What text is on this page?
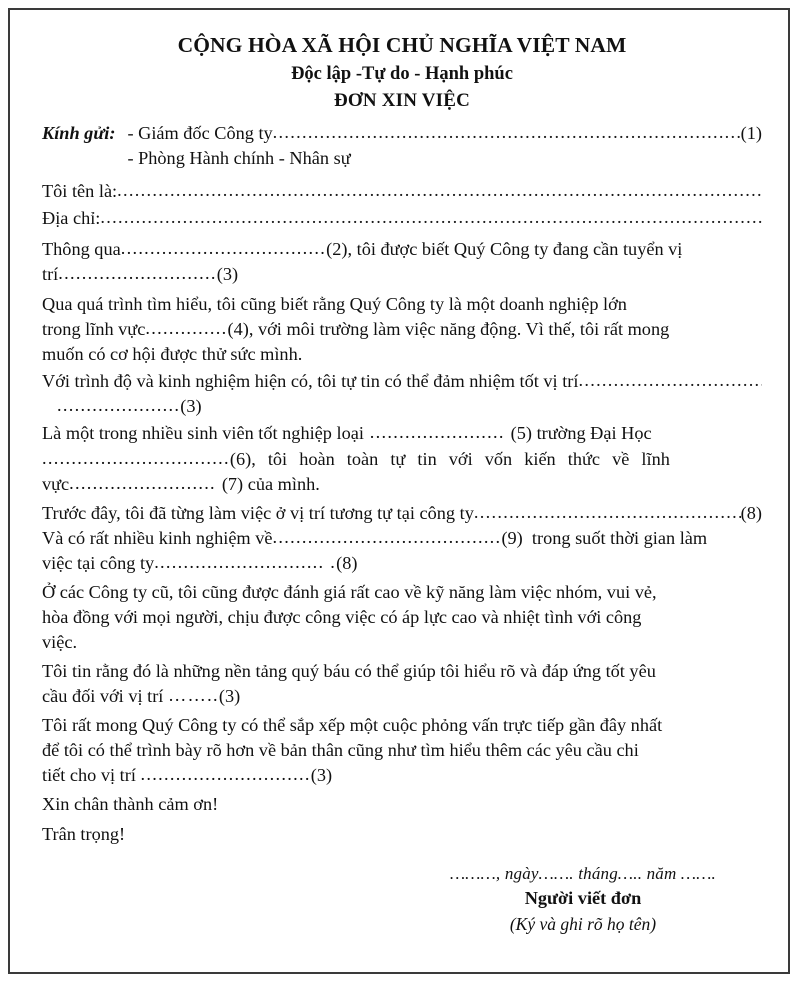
CỘNG HÒA XÃ HỘI CHỦ NGHĨA VIỆT NAM
Độc lập -Tự do - Hạnh phúc
ĐƠN XIN VIỆC
Kính gửi: - Giám đốc Công ty .....	(1)
- Phòng Hành chính - Nhân sự
Tôi tên là:
.....
Địa chỉ:
.....
Thông qua ................................... (2) , tôi được biết Quý Công ty đang cần tuyển vị
trí ........................... (3)

Qua quá trình tìm hiểu, tôi cũng biết rằng Quý Công ty là một doanh nghiệp lớn

trong lĩnh vực .............. (4) , với môi trường làm việc năng động. Vì thế, tôi rất mong

muốn có cơ hội được thử sức mình.

Với trình độ và kinh nghiệm hiện có, tôi tự tin có thể đảm nhiệm tốt vị trí
.....
..................... (3)
Là một trong nhiều sinh viên tốt nghiệp loại ....................... (5)
trường Đại Học
................................(6), tôi hoàn toàn tự tin với vốn kiến thức về lĩnh
vực ......................... (7)
của mình.
Trước đây, tôi đã từng làm việc ở vị trí tương tự tại công ty .....	(8)
Và có rất nhiều kinh nghiệm về ....................................... (9)
trong suốt thời gian làm
việc tại công ty ............................. . (8)

Ở các Công ty cũ, tôi cũng được đánh giá rất cao về kỹ năng làm việc nhóm, vui vẻ,

hòa đồng với mọi người, chịu được công việc có áp lực cao và nhiệt tình với công

việc.

Tôi tin rằng đó là những nền tảng quý báu có thể giúp tôi hiểu rõ và đáp ứng tốt yêu

cầu đối với vị trí
…….. (3)

Tôi rất mong Quý Công ty có thể sắp xếp một cuộc phỏng vấn trực tiếp gần đây nhất

để tôi có thể trình bày rõ hơn về bản thân cũng như tìm hiểu thêm các yêu cầu chi

tiết cho vị trí
............................. (3)

Xin chân thành cảm ơn!

Trân trọng!

………, ngày……. tháng….. năm …….
Người viết đơn
(Ký và ghi rõ họ tên)
